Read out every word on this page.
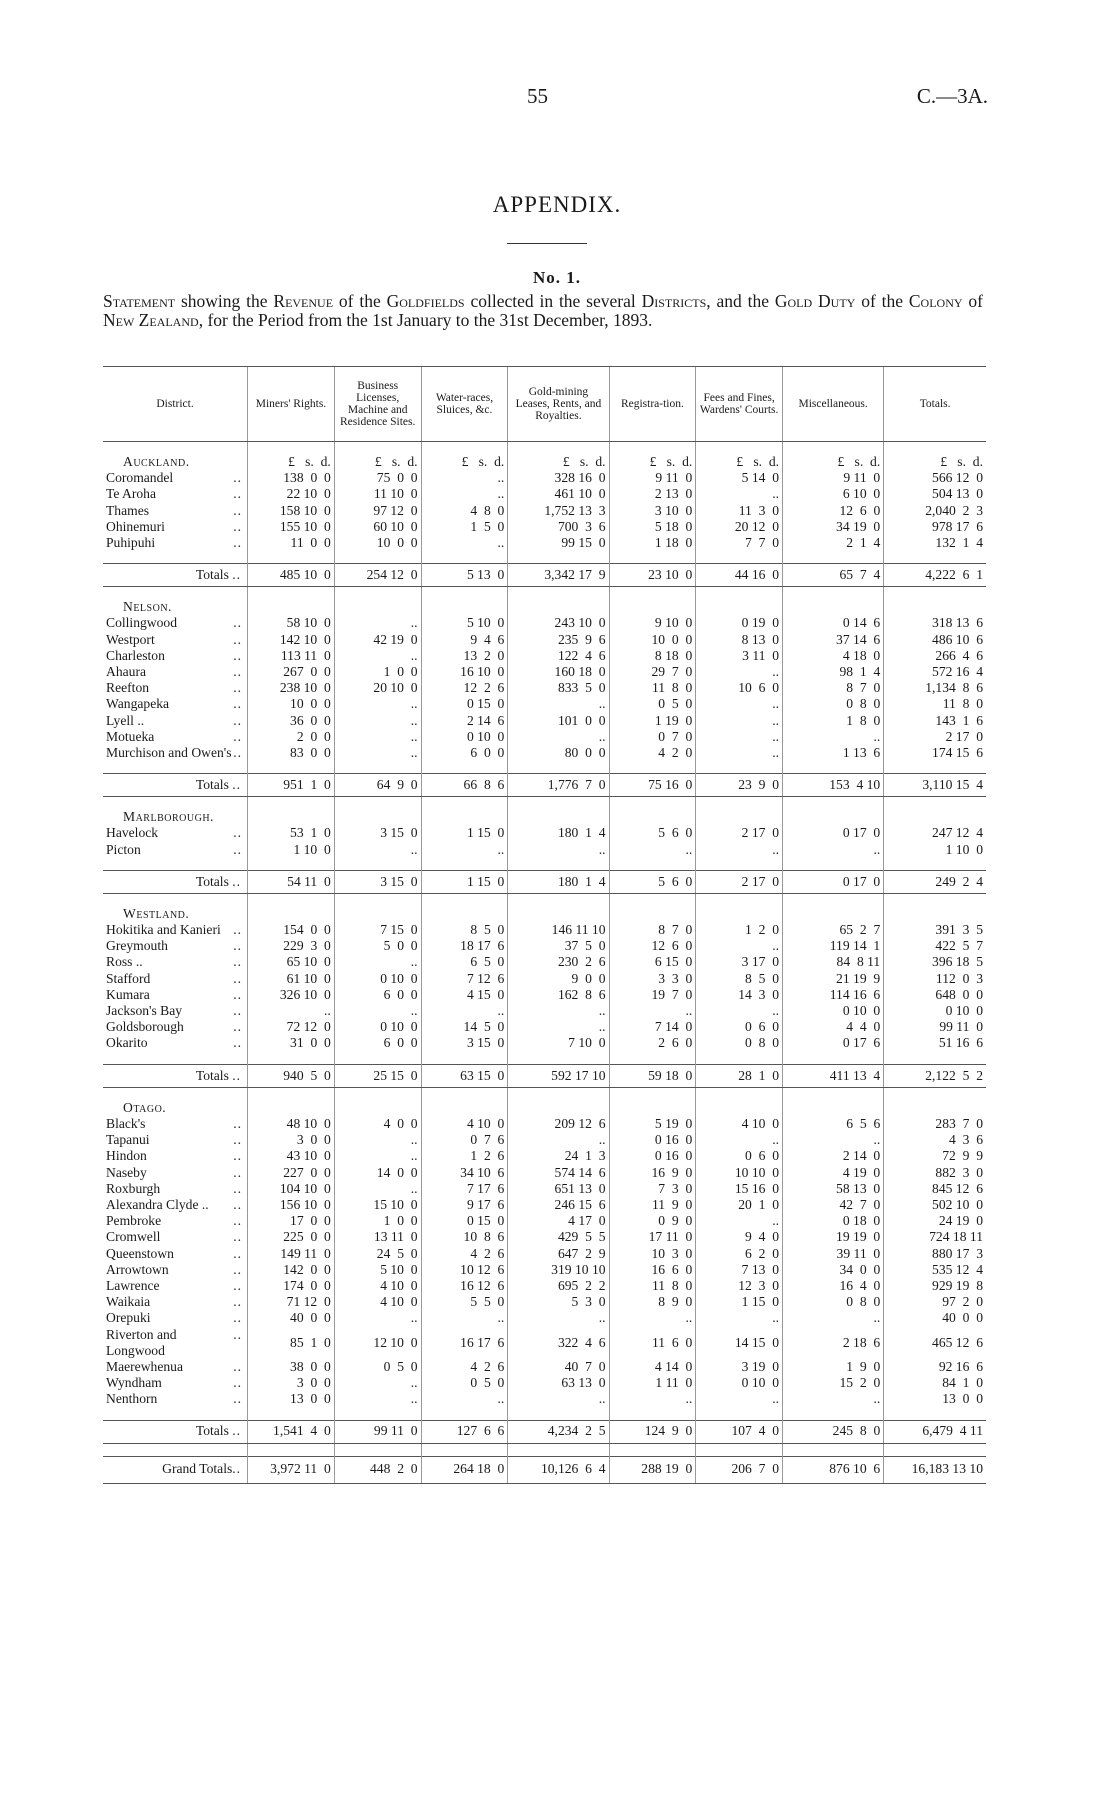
55	C.—3A.
APPENDIX.
No. 1.
Statement showing the Revenue of the Goldfields collected in the several Districts, and the Gold Duty of the Colony of New Zealand, for the Period from the 1st January to the 31st December, 1893.
District.	Miners' Rights.	Business Licenses, Machine and Residence Sites.	Water-races, Sluices, &c.	Gold-mining Leases, Rents, and Royalties.	Registra-tion.	Fees and Fines, Wardens' Courts.	Miscellaneous.	Totals.

Auckland.	£   s.  d.	£   s.  d.	£   s.  d.	£   s.  d.	£   s.  d.	£   s.  d.	£   s.  d.	£   s.  d.

Coromandel ..	138  0  0	75  0  0	..	328 16  0	9 11  0	5 14  0	9 11  0	566 12  0

Te Aroha ..	22 10  0	11 10  0	..	461 10  0	2 13  0	..	6 10  0	504 13  0

Thames ..	158 10  0	97 12  0	4  8  0	1,752 13  3	3 10  0	11  3  0	12  6  0	2,040  2  3

Ohinemuri ..	155 10  0	60 10  0	1  5  0	700  3  6	5 18  0	20 12  0	34 19  0	978 17  6

Puhipuhi ..	11  0  0	10  0  0	..	99 15  0	1 18  0	7  7  0	2  1  4	132  1  4

Totals ..	485 10  0	254 12  0	5 13  0	3,342 17  9	23 10  0	44 16  0	65  7  4	4,222  6  1

Nelson.								

Collingwood ..	58 10  0	..	5 10  0	243 10  0	9 10  0	0 19  0	0 14  6	318 13  6

Westport ..	142 10  0	42 19  0	9  4  6	235  9  6	10  0  0	8 13  0	37 14  6	486 10  6

Charleston ..	113 11  0	..	13  2  0	122  4  6	8 18  0	3 11  0	4 18  0	266  4  6

Ahaura ..	267  0  0	1  0  0	16 10  0	160 18  0	29  7  0	..	98  1  4	572 16  4

Reefton ..	238 10  0	20 10  0	12  2  6	833  5  0	11  8  0	10  6  0	8  7  0	1,134  8  6

Wangapeka ..	10  0  0	..	0 15  0	..	0  5  0	..	0  8  0	11  8  0

Lyell .. ..	36  0  0	..	2 14  6	101  0  0	1 19  0	..	1  8  0	143  1  6

Motueka ..	2  0  0	..	0 10  0	..	0  7  0	..	..	2 17  0

Murchison and Owen's ..	83  0  0	..	6  0  0	80  0  0	4  2  0	..	1 13  6	174 15  6

Totals ..	951  1  0	64  9  0	66  8  6	1,776  7  0	75 16  0	23  9  0	153  4 10	3,110 15  4

Marlborough.								

Havelock ..	53  1  0	3 15  0	1 15  0	180  1  4	5  6  0	2 17  0	0 17  0	247 12  4

Picton ..	1 10  0	..	..	..	..	..	..	1 10  0

Totals ..	54 11  0	3 15  0	1 15  0	180  1  4	5  6  0	2 17  0	0 17  0	249  2  4

Westland.								

Hokitika and Kanieri ..	154  0  0	7 15  0	8  5  0	146 11 10	8  7  0	1  2  0	65  2  7	391  3  5

Greymouth ..	229  3  0	5  0  0	18 17  6	37  5  0	12  6  0	..	119 14  1	422  5  7

Ross .. ..	65 10  0	..	6  5  0	230  2  6	6 15  0	3 17  0	84  8 11	396 18  5

Stafford ..	61 10  0	0 10  0	7 12  6	9  0  0	3  3  0	8  5  0	21 19  9	112  0  3

Kumara ..	326 10  0	6  0  0	4 15  0	162  8  6	19  7  0	14  3  0	114 16  6	648  0  0

Jackson's Bay ..	..	..	..	..	..	..	0 10  0	0 10  0

Goldsborough ..	72 12  0	0 10  0	14  5  0	..	7 14  0	0  6  0	4  4  0	99 11  0

Okarito ..	31  0  0	6  0  0	3 15  0	7 10  0	2  6  0	0  8  0	0 17  6	51 16  6

Totals ..	940  5  0	25 15  0	63 15  0	592 17 10	59 18  0	28  1  0	411 13  4	2,122  5  2

Otago.								

Black's ..	48 10  0	4  0  0	4 10  0	209 12  6	5 19  0	4 10  0	6  5  6	283  7  0

Tapanui ..	3  0  0	..	0  7  6	..	0 16  0	..	..	4  3  6

Hindon ..	43 10  0	..	1  2  6	24  1  3	0 16  0	0  6  0	2 14  0	72  9  9

Naseby ..	227  0  0	14  0  0	34 10  6	574 14  6	16  9  0	10 10  0	4 19  0	882  3  0

Roxburgh ..	104 10  0	..	7 17  6	651 13  0	7  3  0	15 16  0	58 13  0	845 12  6

Alexandra Clyde .. ..	156 10  0	15 10  0	9 17  6	246 15  6	11  9  0	20  1  0	42  7  0	502 10  0

Pembroke ..	17  0  0	1  0  0	0 15  0	4 17  0	0  9  0	..	0 18  0	24 19  0

Cromwell ..	225  0  0	13 11  0	10  8  6	429  5  5	17 11  0	9  4  0	19 19  0	724 18 11

Queenstown ..	149 11  0	24  5  0	4  2  6	647  2  9	10  3  0	6  2  0	39 11  0	880 17  3

Arrowtown ..	142  0  0	5 10  0	10 12  6	319 10 10	16  6  0	7 13  0	34  0  0	535 12  4

Lawrence ..	174  0  0	4 10  0	16 12  6	695  2  2	11  8  0	12  3  0	16  4  0	929 19  8

Waikaia ..	71 12  0	4 10  0	5  5  0	5  3  0	8  9  0	1 15  0	0  8  0	97  2  0

Orepuki ..	40  0  0	..	..	..	..	..	..	40  0  0

Riverton and Longwood
..	85  1  0	12 10  0	16 17  6	322  4  6	11  6  0	14 15  0	2 18  6	465 12  6

Maerewhenua ..	38  0  0	0  5  0	4  2  6	40  7  0	4 14  0	3 19  0	1  9  0	92 16  6

Wyndham ..	3  0  0	..	0  5  0	63 13  0	1 11  0	0 10  0	15  2  0	84  1  0

Nenthorn ..	13  0  0	..	..	..	..	..	..	13  0  0

Totals ..	1,541  4  0	99 11  0	127  6  6	4,234  2  5	124  9  0	107  4  0	245  8  0	6,479  4 11

Grand Totals..	3,972 11  0	448  2  0	264 18  0	10,126  6  4	288 19  0	206  7  0	876 10  6	16,183 13 10
